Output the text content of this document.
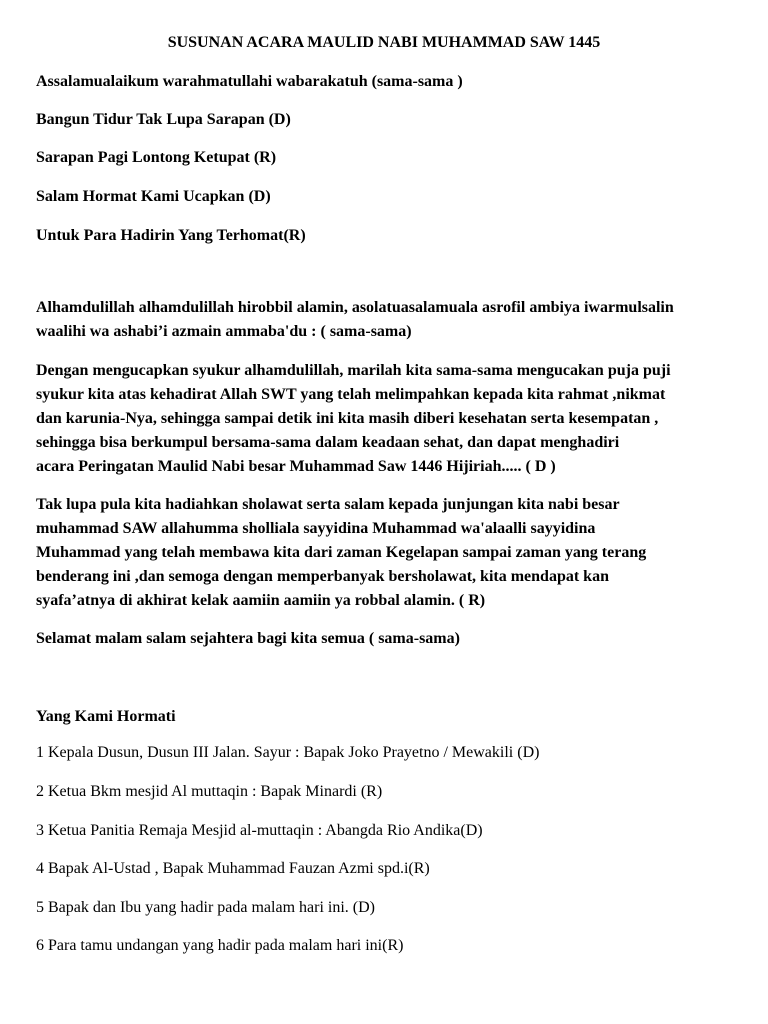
SUSUNAN ACARA MAULID NABI MUHAMMAD SAW 1445

Assalamualaikum warahmatullahi wabarakatuh (sama-sama )

Bangun Tidur Tak Lupa Sarapan (D)

Sarapan Pagi Lontong Ketupat (R)

Salam Hormat Kami Ucapkan (D)

Untuk Para Hadirin Yang Terhomat(R)

Alhamdulillah alhamdulillah hirobbil alamin, asolatuasalamuala asrofil ambiya iwarmulsalin

waalihi wa ashabi’i azmain ammaba'du : ( sama-sama)

Dengan mengucapkan syukur alhamdulillah, marilah kita sama-sama mengucakan puja puji

syukur kita atas kehadirat Allah SWT yang telah melimpahkan kepada kita rahmat ,nikmat

dan karunia-Nya, sehingga sampai detik ini kita masih diberi kesehatan serta kesempatan ,

sehingga bisa berkumpul bersama-sama dalam keadaan sehat, dan dapat menghadiri

acara Peringatan Maulid Nabi besar Muhammad Saw 1446 Hijiriah..... ( D )

Tak lupa pula kita hadiahkan sholawat serta salam kepada junjungan kita nabi besar

muhammad SAW allahumma sholliala sayyidina Muhammad wa'alaalli sayyidina

Muhammad yang telah membawa kita dari zaman Kegelapan sampai zaman yang terang

benderang ini ,dan semoga dengan memperbanyak bersholawat, kita mendapat kan

syafa’atnya di akhirat kelak aamiin aamiin ya robbal alamin. ( R)

Selamat malam salam sejahtera bagi kita semua ( sama-sama)

Yang Kami Hormati

1 Kepala Dusun, Dusun III Jalan. Sayur : Bapak Joko Prayetno / Mewakili (D)

2 Ketua Bkm mesjid Al muttaqin : Bapak Minardi (R)

3 Ketua Panitia Remaja Mesjid al-muttaqin : Abangda Rio Andika(D)

4 Bapak Al-Ustad , Bapak Muhammad Fauzan Azmi spd.i(R)

5 Bapak dan Ibu yang hadir pada malam hari ini. (D)

6 Para tamu undangan yang hadir pada malam hari ini(R)
